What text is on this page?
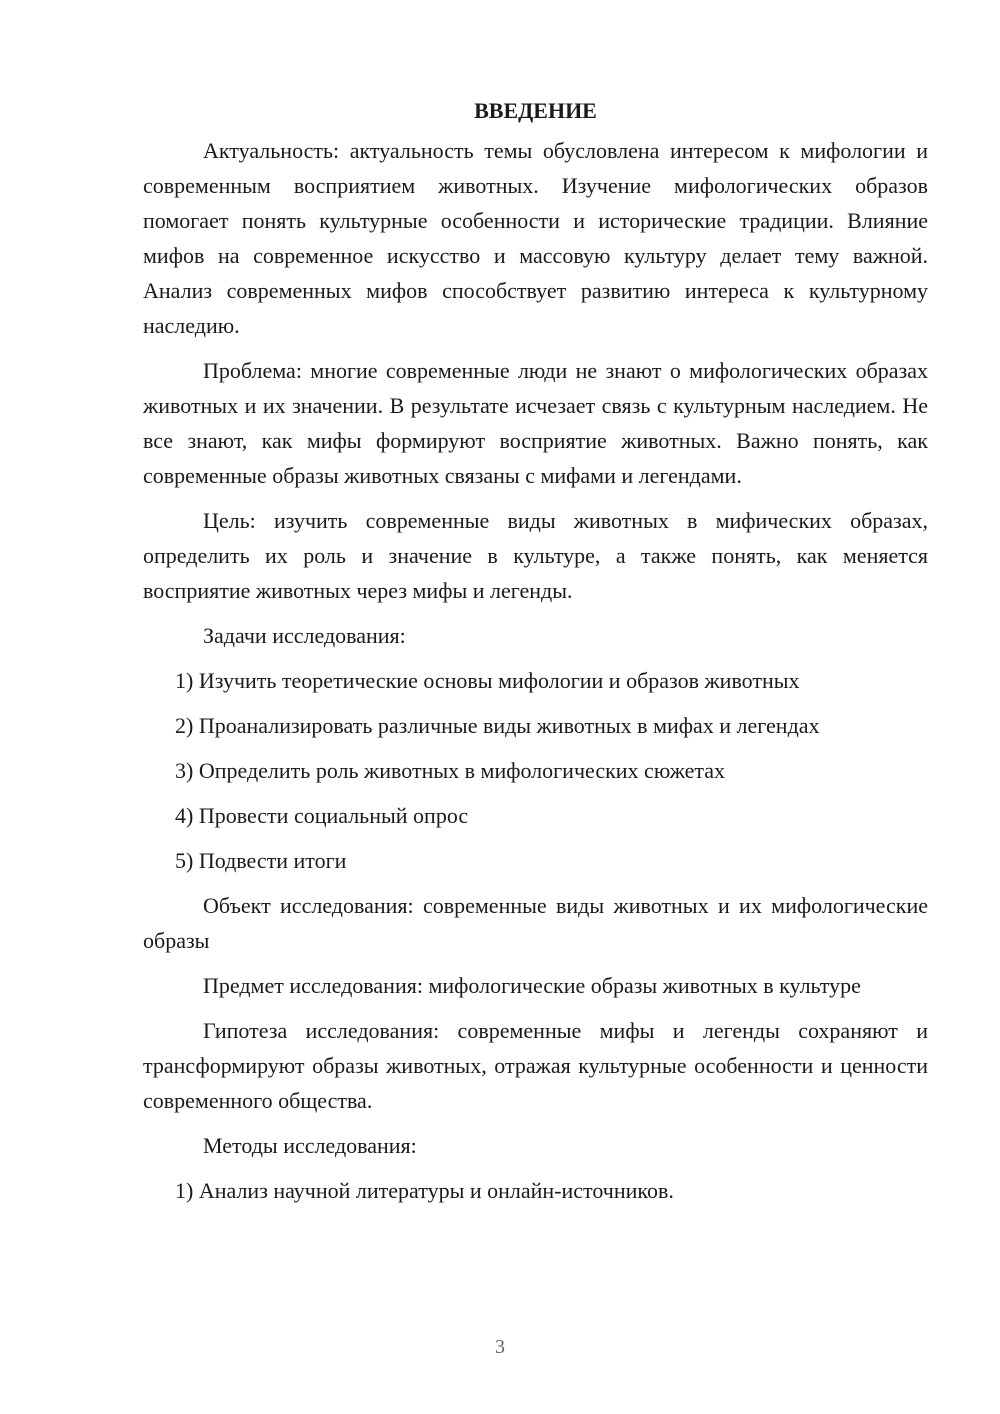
ВВЕДЕНИЕ

Актуальность: актуальность темы обусловлена интересом к мифологии и современным восприятием животных. Изучение мифологических образов помогает понять культурные особенности и исторические традиции. Влияние мифов на современное искусство и массовую культуру делает тему важной. Анализ современных мифов способствует развитию интереса к культурному наследию.

Проблема: многие современные люди не знают о мифологических образах животных и их значении. В результате исчезает связь с культурным наследием. Не все знают, как мифы формируют восприятие животных. Важно понять, как современные образы животных связаны с мифами и легендами.

Цель: изучить современные виды животных в мифических образах, определить их роль и значение в культуре, а также понять, как меняется восприятие животных через мифы и легенды.

Задачи исследования:

1) Изучить теоретические основы мифологии и образов животных

2) Проанализировать различные виды животных в мифах и легендах

3) Определить роль животных в мифологических сюжетах

4) Провести социальный опрос

5) Подвести итоги

Объект исследования: современные виды животных и их мифологические образы

Предмет исследования: мифологические образы животных в культуре

Гипотеза исследования: современные мифы и легенды сохраняют и трансформируют образы животных, отражая культурные особенности и ценности современного общества.

Методы исследования:

1) Анализ научной литературы и онлайн-источников.

3
